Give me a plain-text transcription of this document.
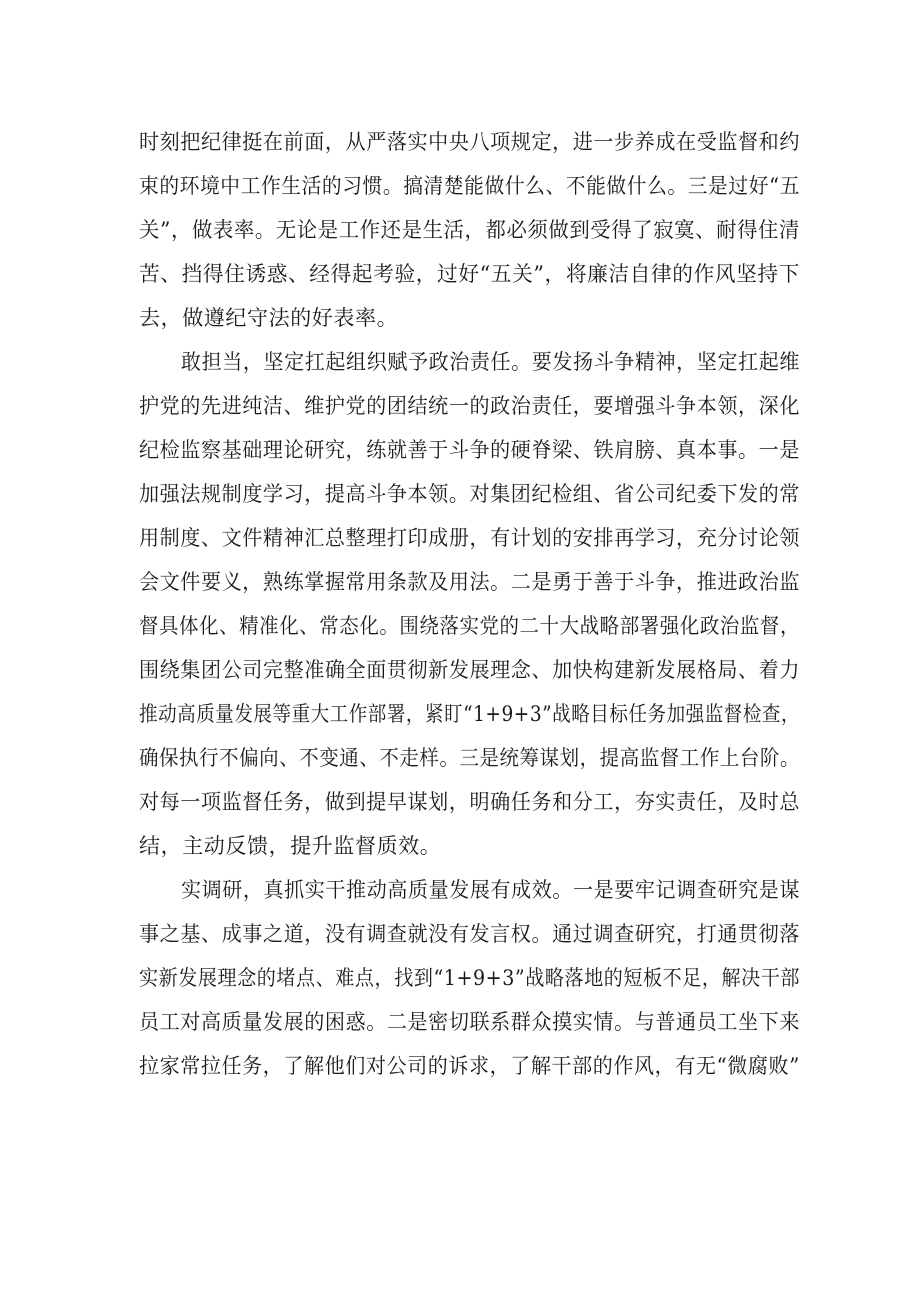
时刻把纪律挺在前面，从严落实中央八项规定，进一步养成在受监督和约
束的环境中工作生活的习惯。搞清楚能做什么、不能做什么。三是过好“五
关”，做表率。无论是工作还是生活，都必须做到受得了寂寞、耐得住清
苦、挡得住诱惑、经得起考验，过好“五关”，将廉洁自律的作风坚持下
去，做遵纪守法的好表率。
敢担当，坚定扛起组织赋予政治责任。要发扬斗争精神，坚定扛起维
护党的先进纯洁、维护党的团结统一的政治责任，要增强斗争本领，深化
纪检监察基础理论研究，练就善于斗争的硬脊梁、铁肩膀、真本事。一是
加强法规制度学习，提高斗争本领。对集团纪检组、省公司纪委下发的常
用制度、文件精神汇总整理打印成册，有计划的安排再学习，充分讨论领
会文件要义，熟练掌握常用条款及用法。二是勇于善于斗争，推进政治监
督具体化、精准化、常态化。围绕落实党的二十大战略部署强化政治监督，
围绕集团公司完整准确全面贯彻新发展理念、加快构建新发展格局、着力
推动高质量发展等重大工作部署，紧盯“1+9+3”战略目标任务加强监督检查，
确保执行不偏向、不变通、不走样。三是统筹谋划，提高监督工作上台阶。
对每一项监督任务，做到提早谋划，明确任务和分工，夯实责任，及时总
结，主动反馈，提升监督质效。
实调研，真抓实干推动高质量发展有成效。一是要牢记调查研究是谋
事之基、成事之道，没有调查就没有发言权。通过调查研究，打通贯彻落
实新发展理念的堵点、难点，找到“1+9+3”战略落地的短板不足，解决干部
员工对高质量发展的困惑。二是密切联系群众摸实情。与普通员工坐下来
拉家常拉任务，了解他们对公司的诉求，了解干部的作风，有无“微腐败”
